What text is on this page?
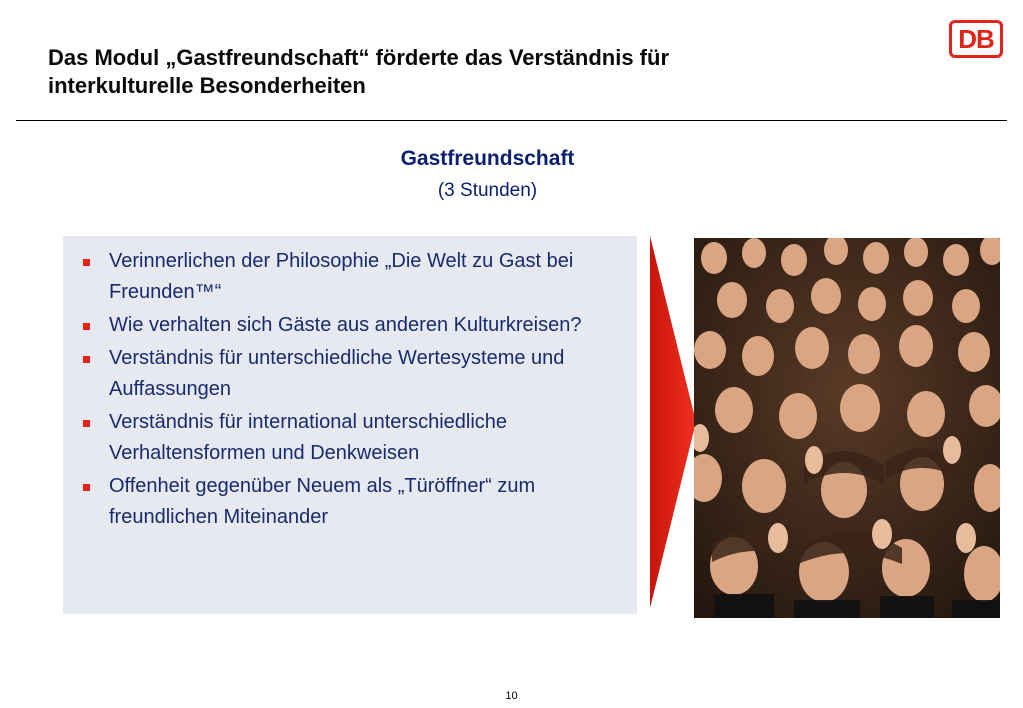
Das Modul „Gastfreundschaft“ förderte das Verständnis für
interkulturelle Besonderheiten
DB
Gastfreundschaft
(3 Stunden)
Verinnerlichen der Philosophie „Die Welt zu Gast bei Freunden™“
Wie verhalten sich Gäste aus anderen Kulturkreisen?
Verständnis für unterschiedliche Wertesysteme und Auffassungen
Verständnis für international unterschiedliche Verhaltensformen und Denkweisen
Offenheit gegenüber Neuem als „Türöffner“ zum freundlichen Miteinander
10
